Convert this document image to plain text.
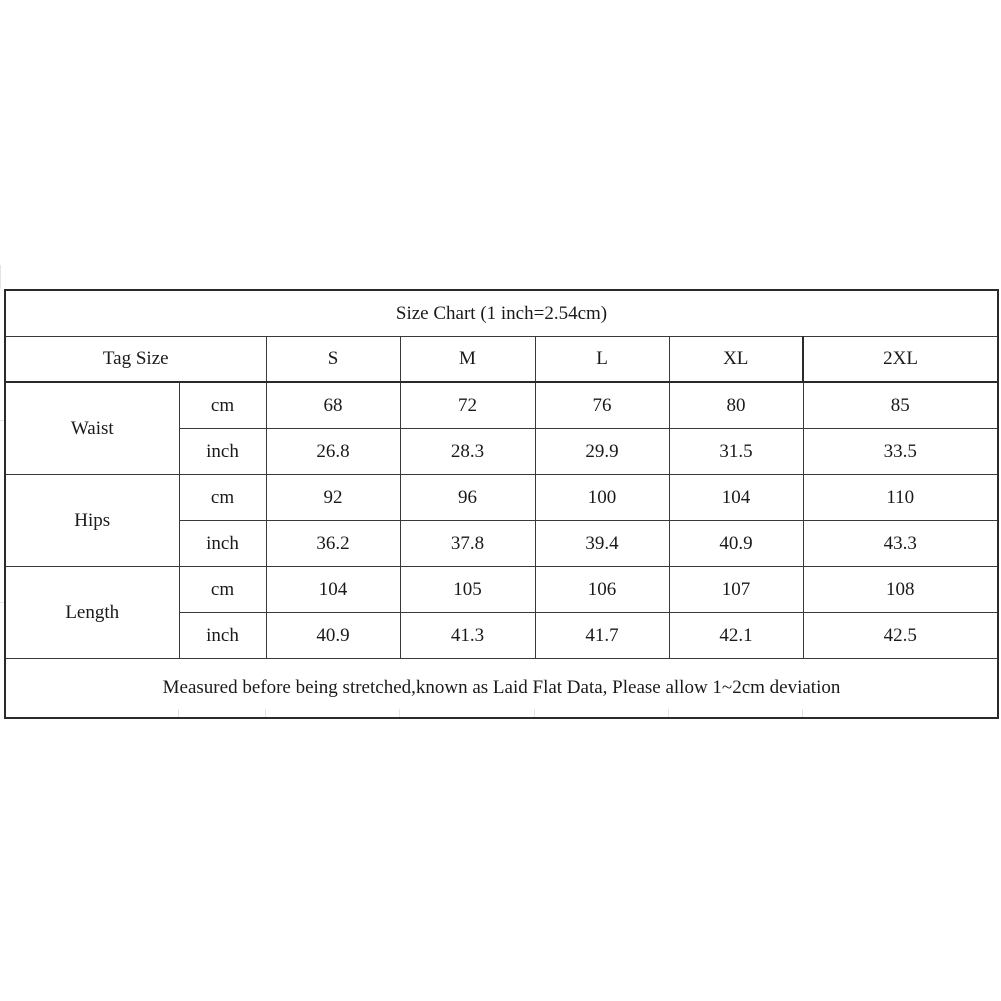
Size Chart (1 inch=2.54cm)						
Tag Size		S	M	L	XL	2XL
Waist	cm	68	72	76	80	85
	inch	26.8	28.3	29.9	31.5	33.5
Hips	cm	92	96	100	104	110
	inch	36.2	37.8	39.4	40.9	43.3
Length	cm	104	105	106	107	108
	inch	40.9	41.3	41.7	42.1	42.5
Measured before being stretched,known as Laid Flat Data, Please allow 1~2cm deviation						
